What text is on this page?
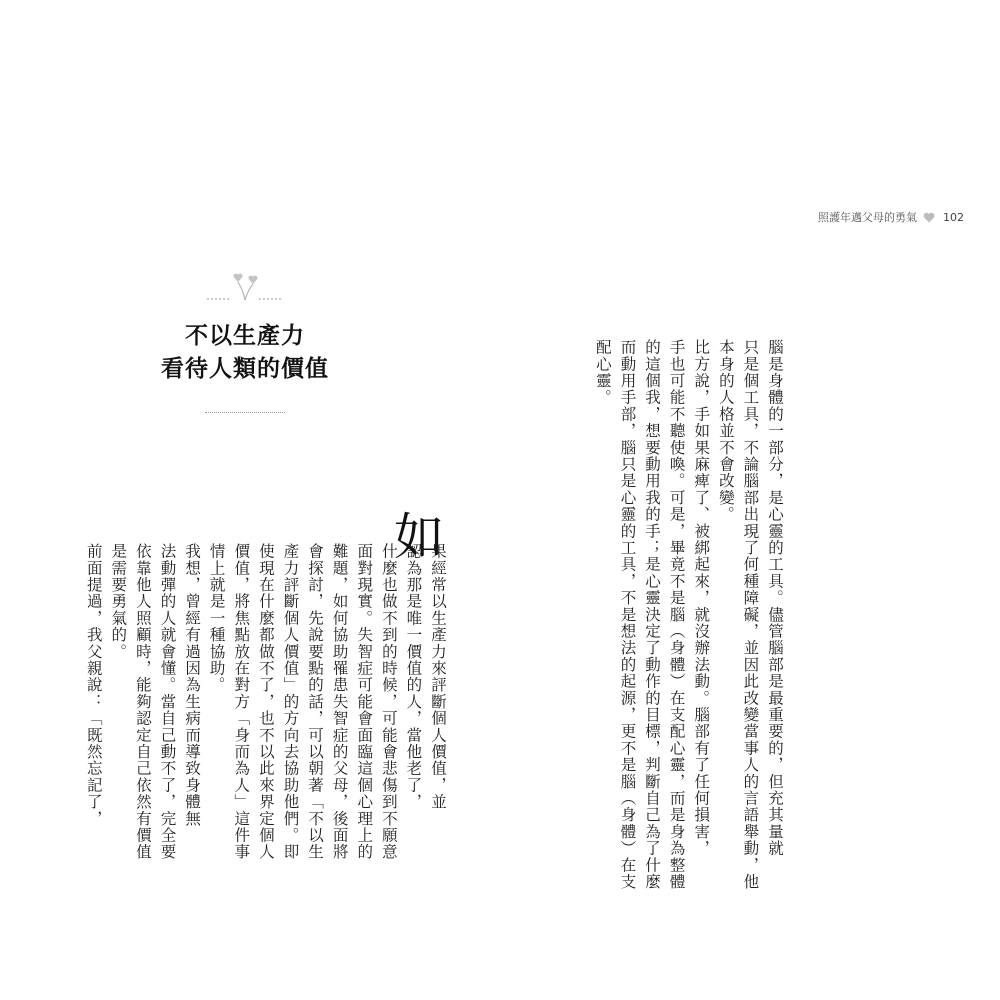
照護年邁父母的勇氣 102
腦是身體的一部分，是心靈的工具。儘管腦部是最重要的，但充其量就
只是個工具，不論腦部出現了何種障礙，並因此改變當事人的言語舉動，他
本身的人格並不會改變。
比方說，手如果麻痺了、被綁起來，就沒辦法動。腦部有了任何損害，
手也可能不聽使喚。可是，畢竟不是腦（身體）在支配心靈，而是身為整體
的這個我，想要動用我的手；是心靈決定了動作的目標，判斷自己為了什麼
而動用手部，腦只是心靈的工具，不是想法的起源，更不是腦（身體）在支
配心靈。
不以生產力
看待人類的價值
如
果經常以生產力來評斷個人價值，並
認為那是唯一價值的人，當他老了，
什麼也做不到的時候，可能會悲傷到不願意
面對現實。失智症可能會面臨這個心理上的
難題，如何協助罹患失智症的父母，後面將
會探討，先說要點的話，可以朝著「不以生
產力評斷個人價值」的方向去協助他們。即
使現在什麼都做不了，也不以此來界定個人
價值，將焦點放在對方「身而為人」這件事
情上就是一種協助。
我想，曾經有過因為生病而導致身體無
法動彈的人就會懂。當自己動不了，完全要
依靠他人照顧時，能夠認定自己依然有價值
是需要勇氣的。
前面提過，我父親說：「既然忘記了，
